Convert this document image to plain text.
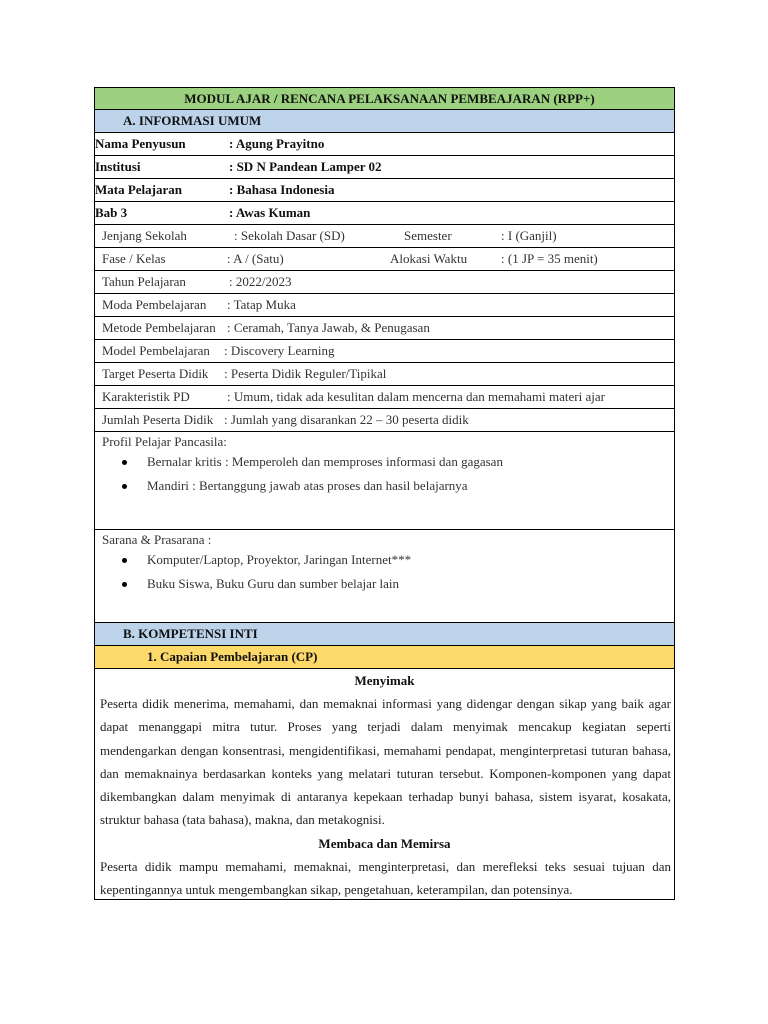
MODUL AJAR / RENCANA PELAKSANAAN PEMBEAJARAN (RPP+)
A. INFORMASI UMUM
Nama Penyusun	: Agung Prayitno
Institusi	: SD N Pandean Lamper 02
Mata Pelajaran	: Bahasa Indonesia
Bab 3	: Awas Kuman
Jenjang Sekolah	: Sekolah Dasar (SD)	Semester	: I (Ganjil)
Fase / Kelas	: A / (Satu)	Alokasi Waktu	: (1 JP = 35 menit)
Tahun Pelajaran	: 2022/2023
Moda Pembelajaran : Tatap Muka
Metode Pembelajaran : Ceramah, Tanya Jawab, & Penugasan
Model Pembelajaran : Discovery Learning
Target Peserta Didik : Peserta Didik Reguler/Tipikal
Karakteristik PD	: Umum, tidak ada kesulitan dalam mencerna dan memahami materi ajar
Jumlah Peserta Didik : Jumlah yang disarankan 22 – 30 peserta didik
Profil Pelajar Pancasila:
Bernalar kritis : Memperoleh dan memproses informasi dan gagasan
Mandiri : Bertanggung jawab atas proses dan hasil belajarnya
Sarana & Prasarana :
Komputer/Laptop, Proyektor, Jaringan Internet***
Buku Siswa, Buku Guru dan sumber belajar lain
B. KOMPETENSI INTI
1. Capaian Pembelajaran (CP)
Menyimak
Peserta didik menerima, memahami, dan memaknai informasi yang didengar dengan sikap yang baik agar dapat menanggapi mitra tutur. Proses yang terjadi dalam menyimak mencakup kegiatan seperti mendengarkan dengan konsentrasi, mengidentifikasi, memahami pendapat, menginterpretasi tuturan bahasa, dan memaknainya berdasarkan konteks yang melatari tuturan tersebut. Komponen-komponen yang dapat dikembangkan dalam menyimak di antaranya kepekaan terhadap bunyi bahasa, sistem isyarat, kosakata, struktur bahasa (tata bahasa), makna, dan metakognisi.
Membaca dan Memirsa
Peserta didik mampu memahami, memaknai, menginterpretasi, dan merefleksi teks sesuai tujuan dan kepentingannya untuk mengembangkan sikap, pengetahuan, keterampilan, dan potensinya.
